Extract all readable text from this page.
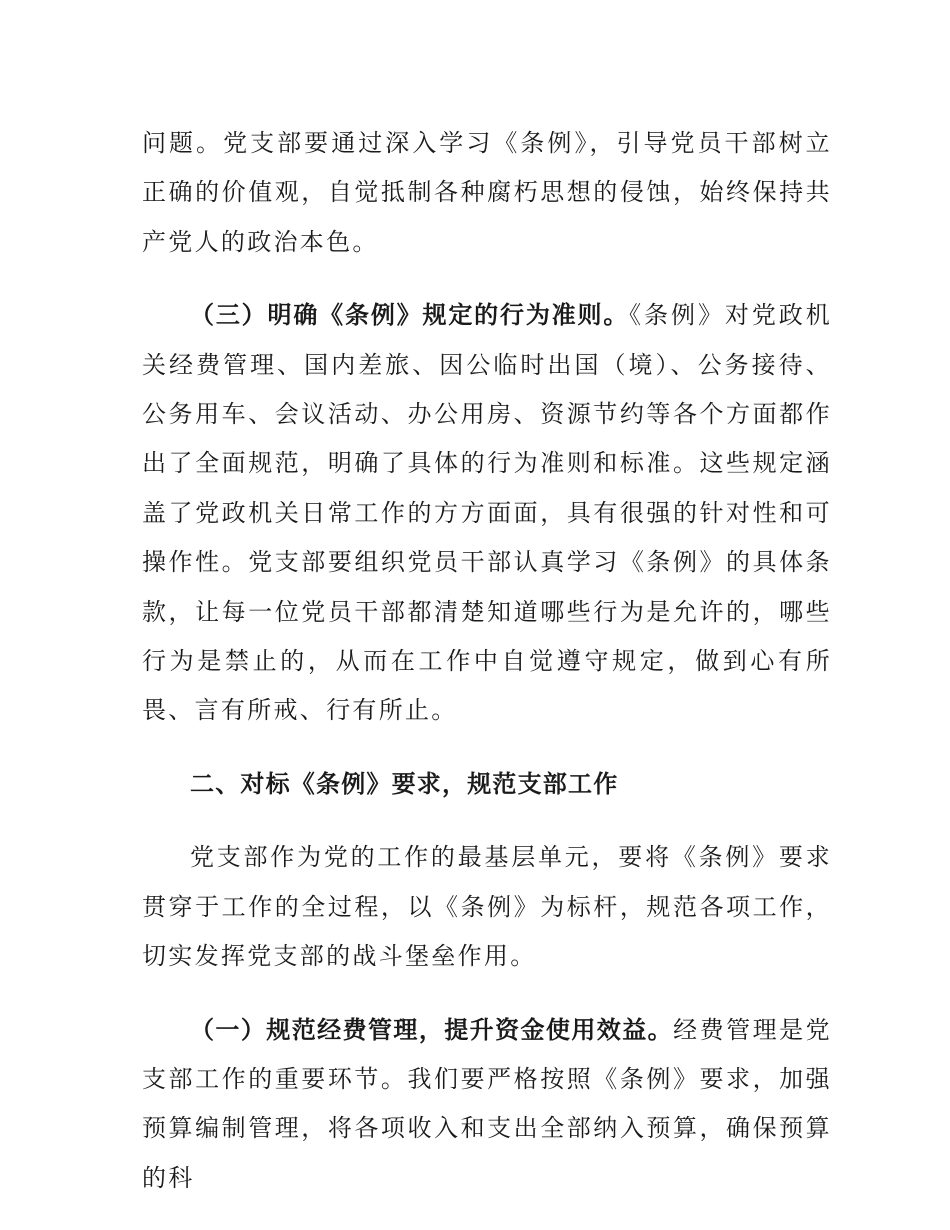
问题。党支部要通过深入学习《条例》，引导党员干部树立正确的价值观，自觉抵制各种腐朽思想的侵蚀，始终保持共产党人的政治本色。

（三）明确《条例》规定的行为准则。《条例》对党政机关经费管理、国内差旅、因公临时出国（境）、公务接待、公务用车、会议活动、办公用房、资源节约等各个方面都作出了全面规范，明确了具体的行为准则和标准。这些规定涵盖了党政机关日常工作的方方面面，具有很强的针对性和可操作性。党支部要组织党员干部认真学习《条例》的具体条款，让每一位党员干部都清楚知道哪些行为是允许的，哪些行为是禁止的，从而在工作中自觉遵守规定，做到心有所畏、言有所戒、行有所止。

二、对标《条例》要求，规范支部工作

党支部作为党的工作的最基层单元，要将《条例》要求贯穿于工作的全过程，以《条例》为标杆，规范各项工作，切实发挥党支部的战斗堡垒作用。

（一）规范经费管理，提升资金使用效益。经费管理是党支部工作的重要环节。我们要严格按照《条例》要求，加强预算编制管理，将各项收入和支出全部纳入预算，确保预算的科
